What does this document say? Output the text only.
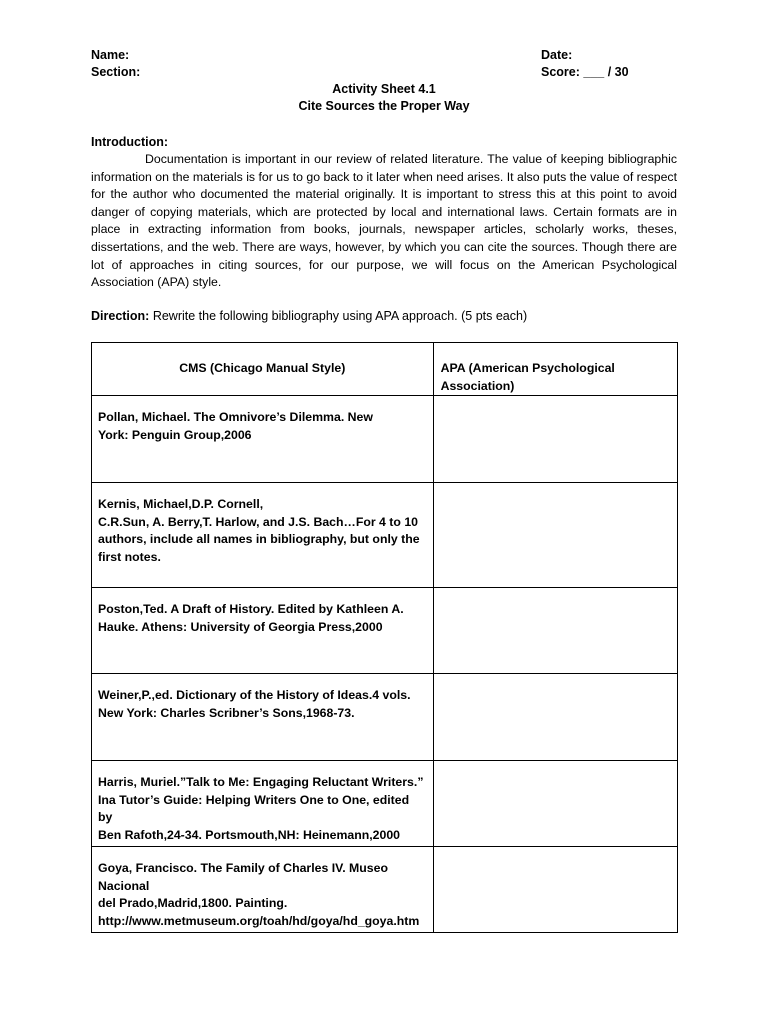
Name:
Section:
Date:
Score: ___ / 30
Activity Sheet 4.1
Cite Sources the Proper Way
Introduction:

Documentation is important in our review of related literature. The value of keeping bibliographic information on the materials is for us to go back to it later when need arises. It also puts the value of respect for the author who documented the material originally. It is important to stress this at this point to avoid danger of copying materials, which are protected by local and international laws. Certain formats are in place in extracting information from books, journals, newspaper articles, scholarly works, theses, dissertations, and the web. There are ways, however, by which you can cite the sources. Though there are lot of approaches in citing sources, for our purpose, we will focus on the American Psychological Association (APA) style.

Direction: Rewrite the following bibliography using APA approach. (5 pts each)
CMS (Chicago Manual Style)	APA (American Psychological Association)

Pollan, Michael. The Omnivore’s Dilemma. New
York: Penguin Group,2006	

Kernis, Michael,D.P. Cornell,
C.R.Sun, A. Berry,T. Harlow, and J.S. Bach…For 4 to 10
authors, include all names in bibliography, but only the
first notes.	

Poston,Ted. A Draft of History. Edited by Kathleen A.
Hauke. Athens: University of Georgia Press,2000	

Weiner,P.,ed. Dictionary of the History of Ideas.4 vols.
New York: Charles Scribner’s Sons,1968-73.	

Harris, Muriel.”Talk to Me: Engaging Reluctant Writers.”
Ina Tutor’s Guide: Helping Writers One to One, edited by
Ben Rafoth,24-34. Portsmouth,NH: Heinemann,2000	

Goya, Francisco. The Family of Charles IV. Museo Nacional
del Prado,Madrid,1800. Painting.
http://www.metmuseum.org/toah/hd/goya/hd_goya.htm	
